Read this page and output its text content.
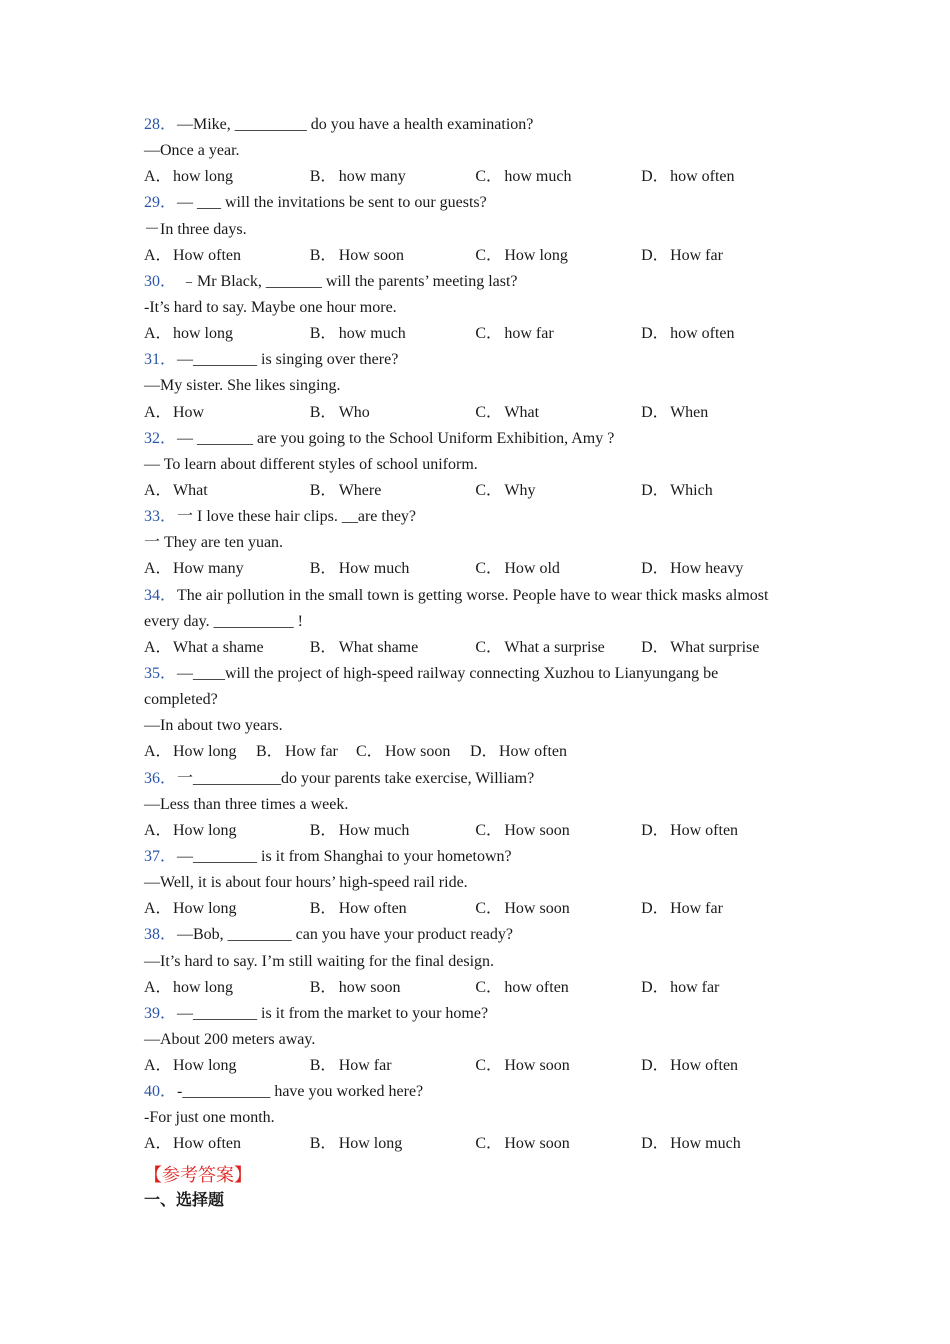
28．—Mike, _________ do you have a health examination?
—Once a year.
A．how long	B． how many	C． how much	D．how often
29．— ___ will the invitations be sent to our guests?
－In three days.
A．How often	B． How soon	C． How long	D．How far
30． ﹣Mr Black, _______ will the parents’ meeting last?
-It’s hard to say. Maybe one hour more.
A．how long	B． how much	C． how far	D．how often
31．—________ is singing over there?
—My sister. She likes singing.
A．How	B． Who	C． What	D．When
32．— _______ are you going to the School Uniform Exhibition, Amy ?
— To learn about different styles of school uniform.
A．What	B． Where	C． Why	D．Which
33．一 I love these hair clips. __are they?
一 They are ten yuan.
A．How many	B． How much	C． How old	D．How heavy
34．The air pollution in the small town is getting worse. People have to wear thick masks almost
every day. __________ !
A．What a shame	B． What shame	C． What a surprise	D．What surprise
35．—____will the project of high-speed railway connecting Xuzhou to Lianyungang be
completed?
—In about two years.
A．How long	B． How far	C． How soon	D．How often
36．一___________do your parents take exercise, William?
—Less than three times a week.
A．How long	B． How much	C． How soon	D．How often
37．—________ is it from Shanghai to your hometown?
—Well, it is about four hours’ high-speed rail ride.
A．How long	B． How often	C． How soon	D．How far
38．—Bob, ________ can you have your product ready?
—It’s hard to say. I’m still waiting for the final design.
A．how long	B． how soon	C． how often	D．how far
39．—________ is it from the market to your home?
—About 200 meters away.
A．How long	B． How far	C． How soon	D．How often
40．-___________ have you worked here?
-For just one month.
A．How often	B． How long	C． How soon	D．How much
【参考答案】
一、选择题
